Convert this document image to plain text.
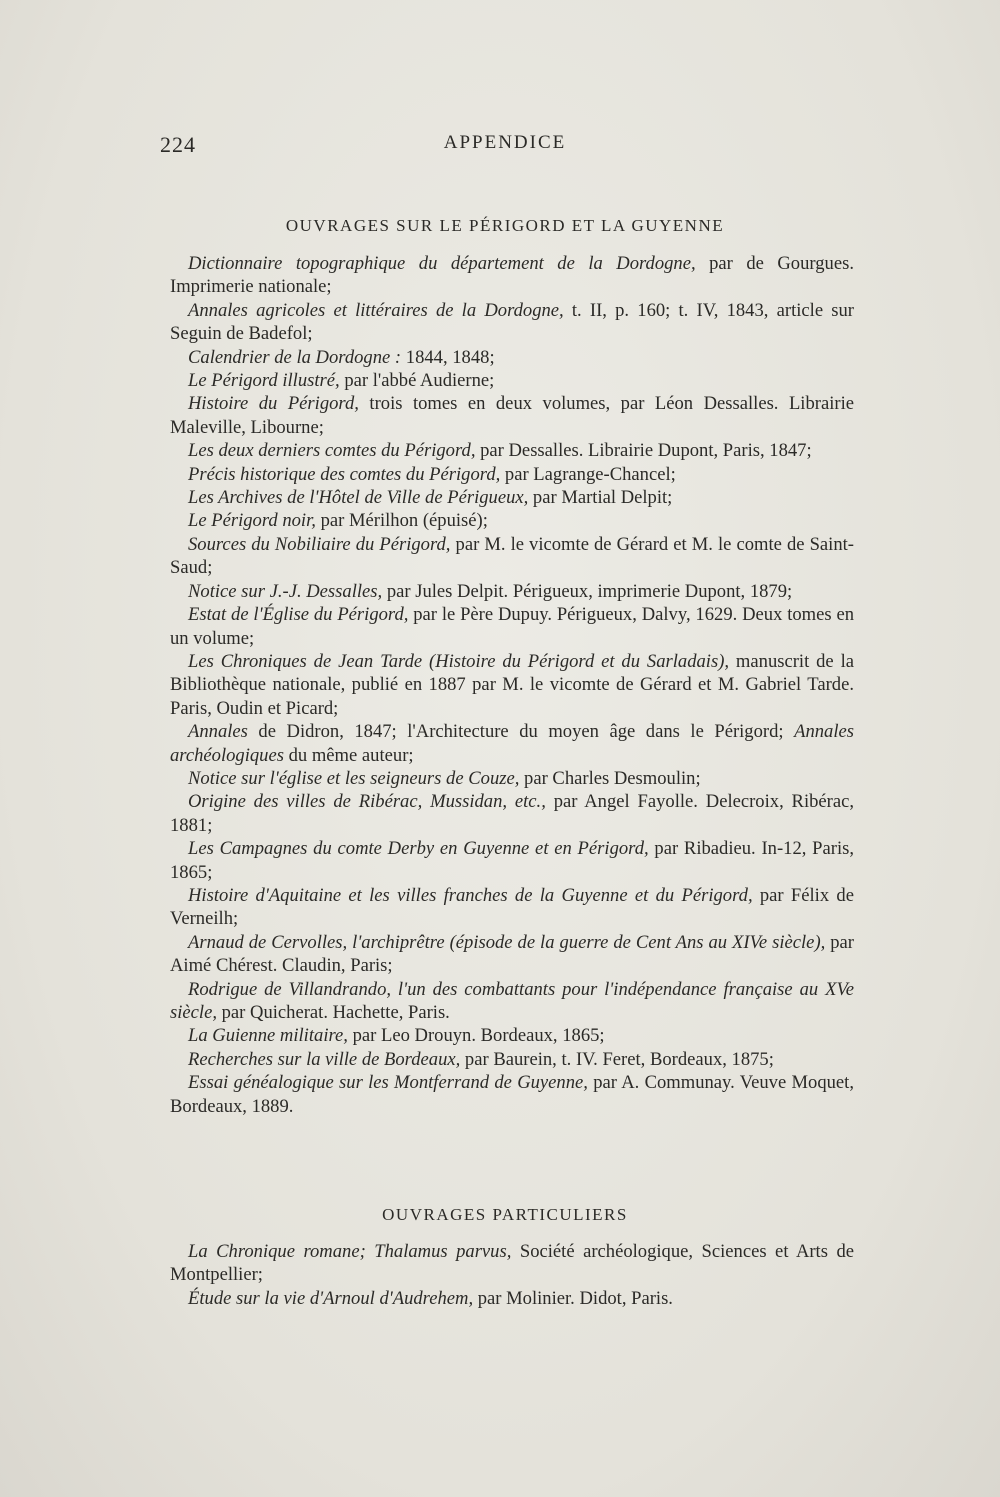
224	APPENDICE
OUVRAGES SUR LE PÉRIGORD ET LA GUYENNE

Dictionnaire topographique du département de la Dordogne, par de Gourgues. Imprimerie nationale;

Annales agricoles et littéraires de la Dordogne, t. II, p. 160; t. IV, 1843, article sur Seguin de Badefol;

Calendrier de la Dordogne : 1844, 1848;

Le Périgord illustré, par l'abbé Audierne;

Histoire du Périgord, trois tomes en deux volumes, par Léon Dessalles. Librairie Maleville, Libourne;

Les deux derniers comtes du Périgord, par Dessalles. Librairie Dupont, Paris, 1847;

Précis historique des comtes du Périgord, par Lagrange-Chancel;

Les Archives de l'Hôtel de Ville de Périgueux, par Martial Delpit;

Le Périgord noir, par Mérilhon (épuisé);

Sources du Nobiliaire du Périgord, par M. le vicomte de Gérard et M. le comte de Saint-Saud;

Notice sur J.-J. Dessalles, par Jules Delpit. Périgueux, imprimerie Dupont, 1879;

Estat de l'Église du Périgord, par le Père Dupuy. Périgueux, Dalvy, 1629. Deux tomes en un volume;

Les Chroniques de Jean Tarde (Histoire du Périgord et du Sarladais), manuscrit de la Bibliothèque nationale, publié en 1887 par M. le vicomte de Gérard et M. Gabriel Tarde. Paris, Oudin et Picard;

Annales de Didron, 1847; l'Architecture du moyen âge dans le Périgord; Annales archéologiques du même auteur;

Notice sur l'église et les seigneurs de Couze, par Charles Desmoulin;

Origine des villes de Ribérac, Mussidan, etc., par Angel Fayolle. Delecroix, Ribérac, 1881;

Les Campagnes du comte Derby en Guyenne et en Périgord, par Ribadieu. In-12, Paris, 1865;

Histoire d'Aquitaine et les villes franches de la Guyenne et du Périgord, par Félix de Verneilh;

Arnaud de Cervolles, l'archiprêtre (épisode de la guerre de Cent Ans au XIVe siècle), par Aimé Chérest. Claudin, Paris;

Rodrigue de Villandrando, l'un des combattants pour l'indépendance française au XVe siècle, par Quicherat. Hachette, Paris.

La Guienne militaire, par Leo Drouyn. Bordeaux, 1865;

Recherches sur la ville de Bordeaux, par Baurein, t. IV. Feret, Bordeaux, 1875;

Essai généalogique sur les Montferrand de Guyenne, par A. Communay. Veuve Moquet, Bordeaux, 1889.

OUVRAGES PARTICULIERS

La Chronique romane; Thalamus parvus, Société archéologique, Sciences et Arts de Montpellier;

Étude sur la vie d'Arnoul d'Audrehem, par Molinier. Didot, Paris.
